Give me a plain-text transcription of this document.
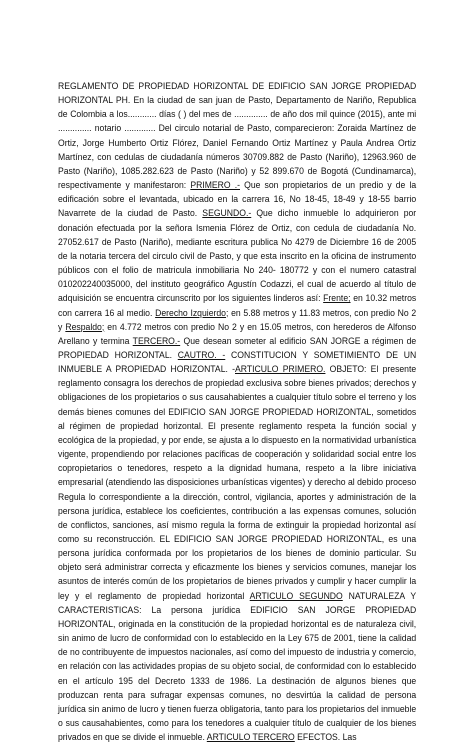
REGLAMENTO DE PROPIEDAD HORIZONTAL DE EDIFICIO SAN JORGE PROPIEDAD HORIZONTAL PH. En la ciudad de san juan de Pasto, Departamento de Nariño, Republica de Colombia a los............ días ( ) del mes de .............. de año dos mil quince (2015), ante mi .............. notario ............. Del circulo notarial de Pasto, comparecieron: Zoraida Martínez de Ortiz, Jorge Humberto Ortiz Flórez, Daniel Fernando Ortiz Martínez y Paula Andrea Ortiz Martínez, con cedulas de ciudadanía números 30709.882 de Pasto (Nariño), 12963.960 de Pasto (Nariño), 1085.282.623 de Pasto (Nariño) y 52 899.670 de Bogotá (Cundinamarca), respectivamente y manifestaron: PRIMERO .- Que son propietarios de un predio y de la edificación sobre el levantada, ubicado en la carrera 16, No 18-45, 18-49 y 18-55 barrio Navarrete de la ciudad de Pasto. SEGUNDO.- Que dicho inmueble lo adquirieron por donación efectuada por la señora Ismenia Flórez de Ortiz, con cedula de ciudadanía No. 27052.617 de Pasto (Nariño), mediante escritura publica No 4279 de Diciembre 16 de 2005 de la notaria tercera del circulo civil de Pasto, y que esta inscrito en la oficina de instrumento públicos con el folio de matricula inmobiliaria No 240- 180772 y con el numero catastral 010202240035000, del instituto geográfico Agustín Codazzi, el cual de acuerdo al título de adquisición se encuentra circunscrito por los siguientes linderos así: Frente; en 10.32 metros con carrera 16 al medio. Derecho Izquierdo; en 5.88 metros y 11.83 metros, con predio No 2 y Respaldo; en 4.772 metros con predio No 2 y en 15.05 metros, con herederos de Alfonso Arellano y termina TERCERO.- Que desean someter al edificio SAN JORGE a régimen de PROPIEDAD HORIZONTAL. CAUTRO. - CONSTITUCION Y SOMETIMIENTO DE UN INMUEBLE A PROPIEDAD HORIZONTAL. -ARTICULO PRIMERO. OBJETO: El presente reglamento consagra los derechos de propiedad exclusiva sobre bienes privados; derechos y obligaciones de los propietarios o sus causahabientes a cualquier título sobre el terreno y los demás bienes comunes del EDIFICIO SAN JORGE PROPIEDAD HORIZONTAL, sometidos al régimen de propiedad horizontal. El presente reglamento respeta la función social y ecológica de la propiedad, y por ende, se ajusta a lo dispuesto en la normatividad urbanística vigente, propendiendo por relaciones pacíficas de cooperación y solidaridad social entre los copropietarios o tenedores, respeto a la dignidad humana, respeto a la libre iniciativa empresarial (atendiendo las disposiciones urbanísticas vigentes) y derecho al debido proceso Regula lo correspondiente a la dirección, control, vigilancia, aportes y administración de la persona jurídica, establece los coeficientes, contribución a las expensas comunes, solución de conflictos, sanciones, así mismo regula la forma de extinguir la propiedad horizontal así como su reconstrucción. EL EDIFICIO SAN JORGE PROPIEDAD HORIZONTAL, es una persona jurídica conformada por los propietarios de los bienes de dominio particular. Su objeto será administrar correcta y eficazmente los bienes y servicios comunes, manejar los asuntos de interés común de los propietarios de bienes privados y cumplir y hacer cumplir la ley y el reglamento de propiedad horizontal ARTICULO SEGUNDO NATURALEZA Y CARACTERISTICAS: La persona jurídica EDIFICIO SAN JORGE PROPIEDAD HORIZONTAL, originada en la constitución de la propiedad horizontal es de naturaleza civil, sin animo de lucro de conformidad con lo establecido en la Ley 675 de 2001, tiene la calidad de no contribuyente de impuestos nacionales, así como del impuesto de industria y comercio, en relación con las actividades propias de su objeto social, de conformidad con lo establecido en el artículo 195 del Decreto 1333 de 1986. La destinación de algunos bienes que produzcan renta para sufragar expensas comunes, no desvirtúa la calidad de persona jurídica sin animo de lucro y tienen fuerza obligatoria, tanto para los propietarios del inmueble o sus causahabientes, como para los tenedores a cualquier título de cualquier de los bienes privados en que se divide el inmueble. ARTICULO TERCERO EFECTOS. Las
